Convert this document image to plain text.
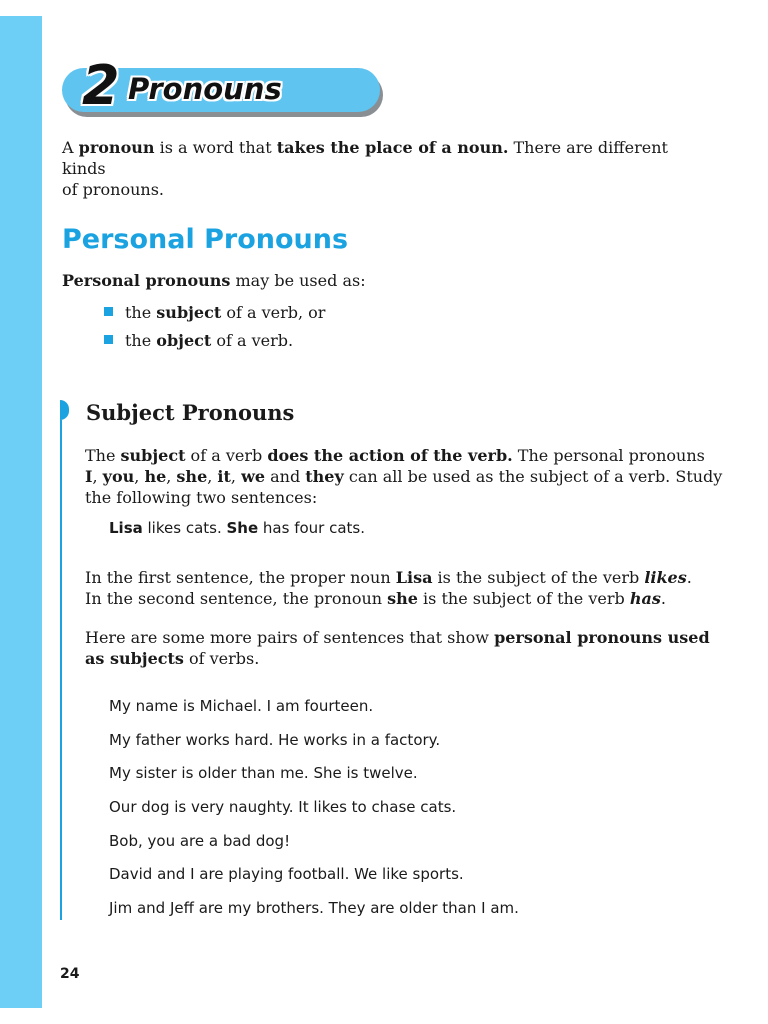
2 Pronouns

A pronoun is a word that takes the place of a noun. There are different kinds
of pronouns.

Personal Pronouns

Personal pronouns may be used as:

the subject of a verb, or

the object of a verb.

Subject Pronouns

The subject of a verb does the action of the verb. The personal pronouns
I, you, he, she, it, we and they can all be used as the subject of a verb. Study
the following two sentences:

Lisa likes cats. She has four cats.

In the first sentence, the proper noun Lisa is the subject of the verb likes.
In the second sentence, the pronoun she is the subject of the verb has.

Here are some more pairs of sentences that show personal pronouns used
as subjects of verbs.

My name is Michael. I am fourteen.

My father works hard. He works in a factory.

My sister is older than me. She is twelve.

Our dog is very naughty. It likes to chase cats.

Bob, you are a bad dog!

David and I are playing football. We like sports.

Jim and Jeff are my brothers. They are older than I am.

24
